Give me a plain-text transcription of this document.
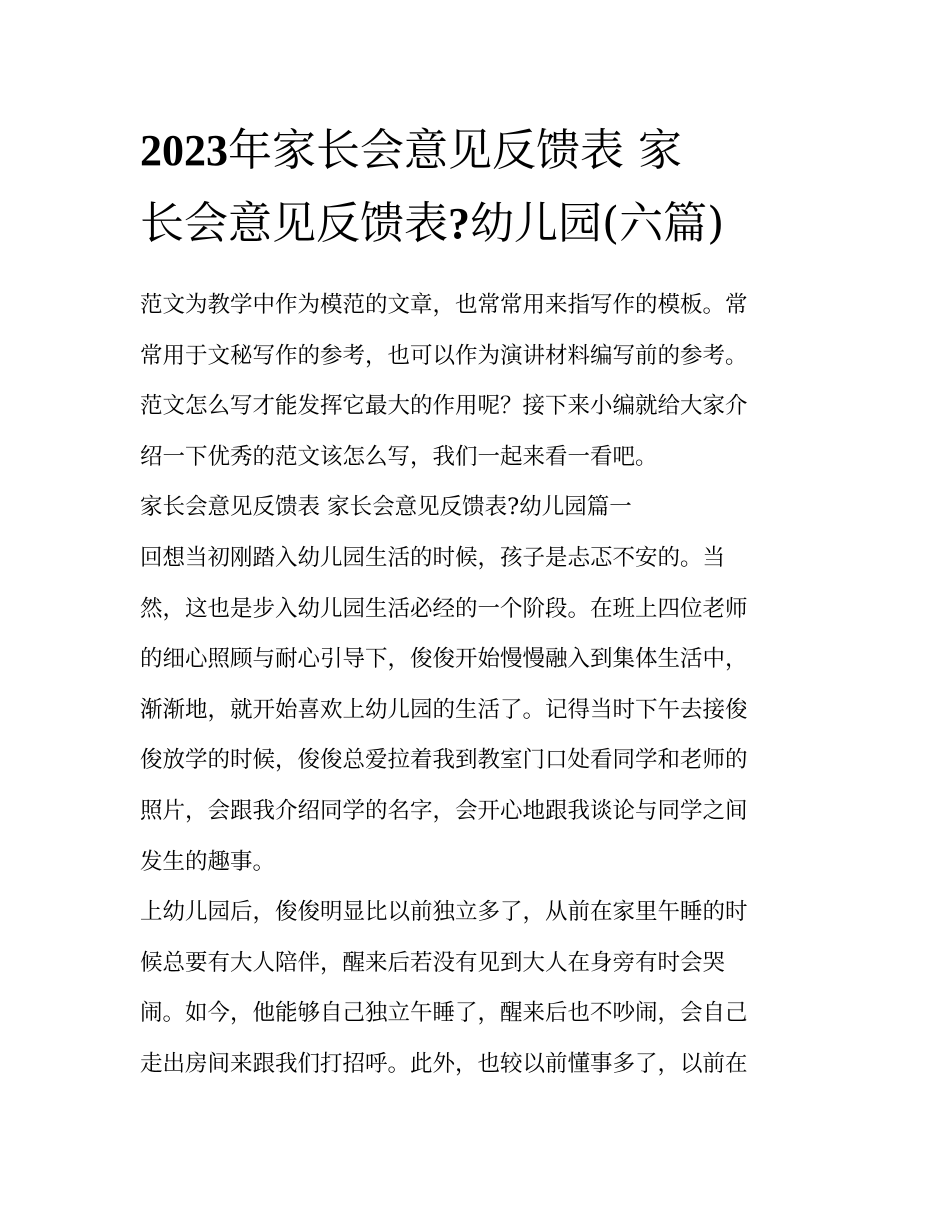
2023年家长会意见反馈表 家
长会意见反馈表?幼儿园(六篇)
范文为教学中作为模范的文章，也常常用来指写作的模板。常
常用于文秘写作的参考，也可以作为演讲材料编写前的参考。
范文怎么写才能发挥它最大的作用呢？接下来小编就给大家介
绍一下优秀的范文该怎么写，我们一起来看一看吧。
家长会意见反馈表 家长会意见反馈表?幼儿园篇一
回想当初刚踏入幼儿园生活的时候，孩子是忐忑不安的。当
然，这也是步入幼儿园生活必经的一个阶段。在班上四位老师
的细心照顾与耐心引导下，俊俊开始慢慢融入到集体生活中，
渐渐地，就开始喜欢上幼儿园的生活了。记得当时下午去接俊
俊放学的时候，俊俊总爱拉着我到教室门口处看同学和老师的
照片，会跟我介绍同学的名字，会开心地跟我谈论与同学之间
发生的趣事。
上幼儿园后，俊俊明显比以前独立多了，从前在家里午睡的时
候总要有大人陪伴，醒来后若没有见到大人在身旁有时会哭
闹。如今，他能够自己独立午睡了，醒来后也不吵闹，会自己
走出房间来跟我们打招呼。此外，也较以前懂事多了，以前在
